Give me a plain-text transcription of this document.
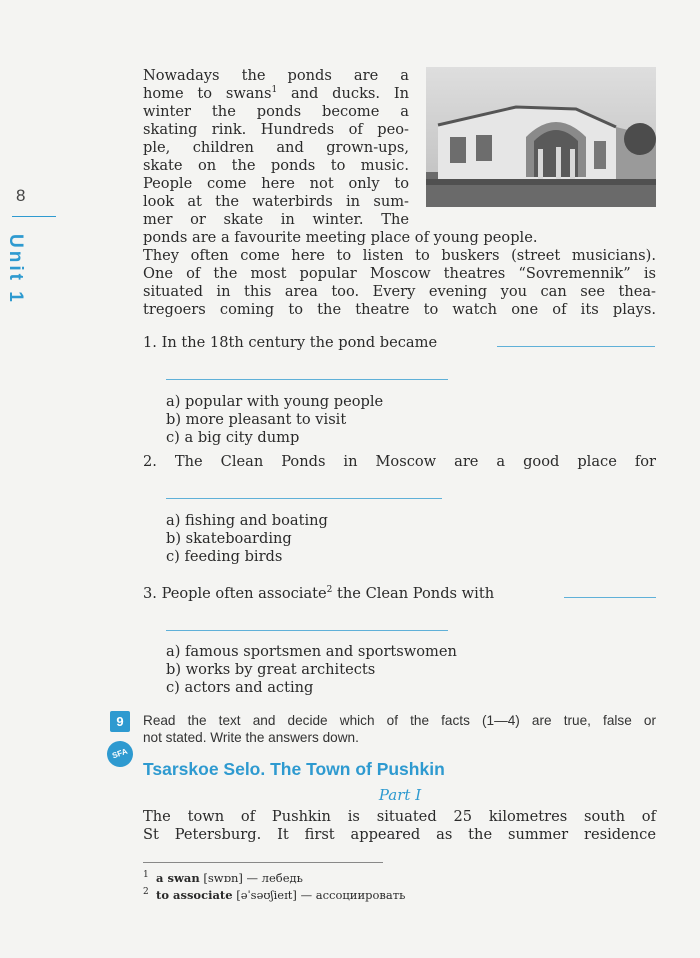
8
Unit 1
Nowadays the ponds are a
home to swans$^1$ and ducks. In
winter the ponds become a
skating rink. Hundreds of peo-
ple, children and grown-ups,
skate on the ponds to music.
People come here not only to
look at the waterbirds in sum-
mer or skate in winter. The
ponds are a favourite meeting place of young people.
They often come here to listen to buskers (street musicians).
One of the most popular Moscow theatres “Sovremennik” is
situated in this area too. Every evening you can see thea-
tregoers coming to the theatre to watch one of its plays.
1. In the 18th century the pond became
a) popular with young people
b) more pleasant to visit
c) a big city dump
2. The Clean Ponds in Moscow are a good place for
a) fishing and boating
b) skateboarding
c) feeding birds
3. People often associate$^2$ the Clean Ponds with
a) famous sportsmen and sportswomen
b) works by great architects
c) actors and acting
9
SFA
Read the text and decide which of the facts (1—4) are true, false or
not stated. Write the answers down.
Tsarskoe Selo. The Town of Pushkin
Part I
The town of Pushkin is situated 25 kilometres south of
St Petersburg. It first appeared as the summer residence
$^1$ a swan [swɒn] — лебедь
$^2$ to associate [əˈsəʊʃieɪt] — ассоциировать
